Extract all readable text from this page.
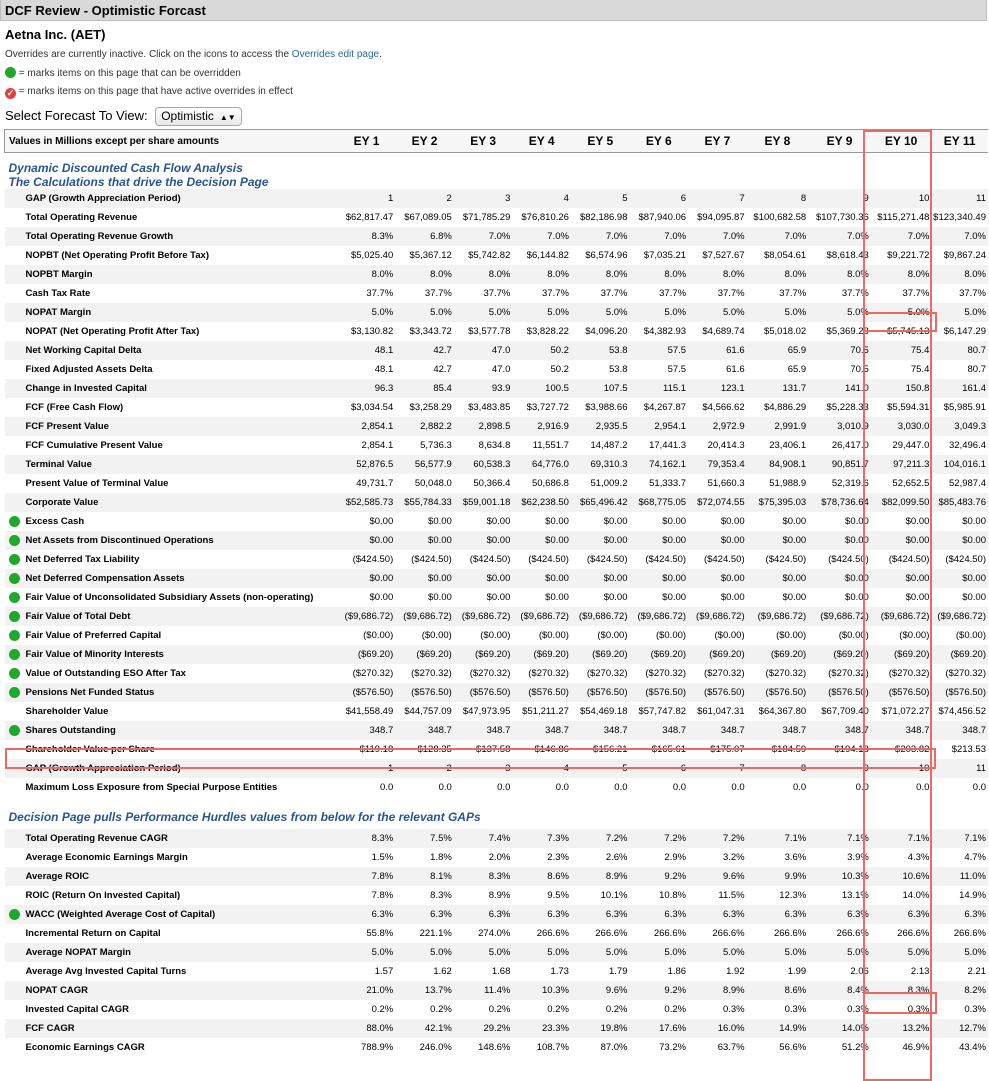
DCF Review - Optimistic Forcast
Aetna Inc. (AET)
Overrides are currently inactive. Click on the icons to access the Overrides edit page.
= marks items on this page that can be overridden
✓ = marks items on this page that have active overrides in effect
Select Forecast To View: Optimistic ▲▼
Values in Millions except per share amounts	EY 1	EY 2	EY 3	EY 4	EY 5	EY 6	EY 7	EY 8	EY 9	EY 10	EY 11

Dynamic Discounted Cash Flow Analysis											
The Calculations that drive the Decision Page											
GAP (Growth Appreciation Period)	1	2	3	4	5	6	7	8	9	10	11
Total Operating Revenue	$62,817.47	$67,089.05	$71,785.29	$76,810.26	$82,186.98	$87,940.06	$94,095.87	$100,682.58	$107,730.36	$115,271.48	$123,340.49
Total Operating Revenue Growth	8.3%	6.8%	7.0%	7.0%	7.0%	7.0%	7.0%	7.0%	7.0%	7.0%	7.0%
NOPBT (Net Operating Profit Before Tax)	$5,025.40	$5,367.12	$5,742.82	$6,144.82	$6,574.96	$7,035.21	$7,527.67	$8,054.61	$8,618.43	$9,221.72	$9,867.24
NOPBT Margin	8.0%	8.0%	8.0%	8.0%	8.0%	8.0%	8.0%	8.0%	8.0%	8.0%	8.0%
Cash Tax Rate	37.7%	37.7%	37.7%	37.7%	37.7%	37.7%	37.7%	37.7%	37.7%	37.7%	37.7%
NOPAT Margin	5.0%	5.0%	5.0%	5.0%	5.0%	5.0%	5.0%	5.0%	5.0%	5.0%	5.0%
NOPAT (Net Operating Profit After Tax)	$3,130.82	$3,343.72	$3,577.78	$3,828.22	$4,096.20	$4,382.93	$4,689.74	$5,018.02	$5,369.28	$5,745.13	$6,147.29
Net Working Capital Delta	48.1	42.7	47.0	50.2	53.8	57.5	61.6	65.9	70.5	75.4	80.7
Fixed Adjusted Assets Delta	48.1	42.7	47.0	50.2	53.8	57.5	61.6	65.9	70.5	75.4	80.7
Change in Invested Capital	96.3	85.4	93.9	100.5	107.5	115.1	123.1	131.7	141.0	150.8	161.4
FCF (Free Cash Flow)	$3,034.54	$3,258.29	$3,483.85	$3,727.72	$3,988.66	$4,267.87	$4,566.62	$4,886.29	$5,228.33	$5,594.31	$5,985.91
FCF Present Value	2,854.1	2,882.2	2,898.5	2,916.9	2,935.5	2,954.1	2,972.9	2,991.9	3,010.9	3,030.0	3,049.3
FCF Cumulative Present Value	2,854.1	5,736.3	8,634.8	11,551.7	14,487.2	17,441.3	20,414.3	23,406.1	26,417.0	29,447.0	32,496.4
Terminal Value	52,876.5	56,577.9	60,538.3	64,776.0	69,310.3	74,162.1	79,353.4	84,908.1	90,851.7	97,211.3	104,016.1
Present Value of Terminal Value	49,731.7	50,048.0	50,366.4	50,686.8	51,009.2	51,333.7	51,660.3	51,988.9	52,319.6	52,652.5	52,987.4
Corporate Value	$52,585.73	$55,784.33	$59,001.18	$62,238.50	$65,496.42	$68,775.05	$72,074.55	$75,395.03	$78,736.64	$82,099.50	$85,483.76

Excess Cash	$0.00	$0.00	$0.00	$0.00	$0.00	$0.00	$0.00	$0.00	$0.00	$0.00	$0.00

Net Assets from Discontinued Operations	$0.00	$0.00	$0.00	$0.00	$0.00	$0.00	$0.00	$0.00	$0.00	$0.00	$0.00

Net Deferred Tax Liability	($424.50)	($424.50)	($424.50)	($424.50)	($424.50)	($424.50)	($424.50)	($424.50)	($424.50)	($424.50)	($424.50)

Net Deferred Compensation Assets	$0.00	$0.00	$0.00	$0.00	$0.00	$0.00	$0.00	$0.00	$0.00	$0.00	$0.00

Fair Value of Unconsolidated Subsidiary Assets (non-operating)	$0.00	$0.00	$0.00	$0.00	$0.00	$0.00	$0.00	$0.00	$0.00	$0.00	$0.00

Fair Value of Total Debt	($9,686.72)	($9,686.72)	($9,686.72)	($9,686.72)	($9,686.72)	($9,686.72)	($9,686.72)	($9,686.72)	($9,686.72)	($9,686.72)	($9,686.72)

Fair Value of Preferred Capital	($0.00)	($0.00)	($0.00)	($0.00)	($0.00)	($0.00)	($0.00)	($0.00)	($0.00)	($0.00)	($0.00)

Fair Value of Minority Interests	($69.20)	($69.20)	($69.20)	($69.20)	($69.20)	($69.20)	($69.20)	($69.20)	($69.20)	($69.20)	($69.20)

Value of Outstanding ESO After Tax	($270.32)	($270.32)	($270.32)	($270.32)	($270.32)	($270.32)	($270.32)	($270.32)	($270.32)	($270.32)	($270.32)

Pensions Net Funded Status	($576.50)	($576.50)	($576.50)	($576.50)	($576.50)	($576.50)	($576.50)	($576.50)	($576.50)	($576.50)	($576.50)
Shareholder Value	$41,558.49	$44,757.09	$47,973.95	$51,211.27	$54,469.18	$57,747.82	$61,047.31	$64,367.80	$67,709.40	$71,072.27	$74,456.52

Shares Outstanding	348.7	348.7	348.7	348.7	348.7	348.7	348.7	348.7	348.7	348.7	348.7
Shareholder Value per Share	$119.18	$128.35	$137.58	$146.86	$156.21	$165.61	$175.07	$184.59	$194.18	$203.82	$213.53
GAP (Growth Appreciation Period)	1	2	3	4	5	6	7	8	9	10	11
Maximum Loss Exposure from Special Purpose Entities	0.0	0.0	0.0	0.0	0.0	0.0	0.0	0.0	0.0	0.0	0.0

Decision Page pulls Performance Hurdles values from below for the relevant GAPs											

Total Operating Revenue CAGR	8.3%	7.5%	7.4%	7.3%	7.2%	7.2%	7.2%	7.1%	7.1%	7.1%	7.1%
Average Economic Earnings Margin	1.5%	1.8%	2.0%	2.3%	2.6%	2.9%	3.2%	3.6%	3.9%	4.3%	4.7%
Average ROIC	7.8%	8.1%	8.3%	8.6%	8.9%	9.2%	9.6%	9.9%	10.3%	10.6%	11.0%
ROIC (Return On Invested Capital)	7.8%	8.3%	8.9%	9.5%	10.1%	10.8%	11.5%	12.3%	13.1%	14.0%	14.9%

WACC (Weighted Average Cost of Capital)	6.3%	6.3%	6.3%	6.3%	6.3%	6.3%	6.3%	6.3%	6.3%	6.3%	6.3%
Incremental Return on Capital	55.8%	221.1%	274.0%	266.6%	266.6%	266.6%	266.6%	266.6%	266.6%	266.6%	266.6%
Average NOPAT Margin	5.0%	5.0%	5.0%	5.0%	5.0%	5.0%	5.0%	5.0%	5.0%	5.0%	5.0%
Average Avg Invested Capital Turns	1.57	1.62	1.68	1.73	1.79	1.86	1.92	1.99	2.06	2.13	2.21
NOPAT CAGR	21.0%	13.7%	11.4%	10.3%	9.6%	9.2%	8.9%	8.6%	8.4%	8.3%	8.2%
Invested Capital CAGR	0.2%	0.2%	0.2%	0.2%	0.2%	0.2%	0.3%	0.3%	0.3%	0.3%	0.3%
FCF CAGR	88.0%	42.1%	29.2%	23.3%	19.8%	17.6%	16.0%	14.9%	14.0%	13.2%	12.7%
Economic Earnings CAGR	788.9%	246.0%	148.6%	108.7%	87.0%	73.2%	63.7%	56.6%	51.2%	46.9%	43.4%
